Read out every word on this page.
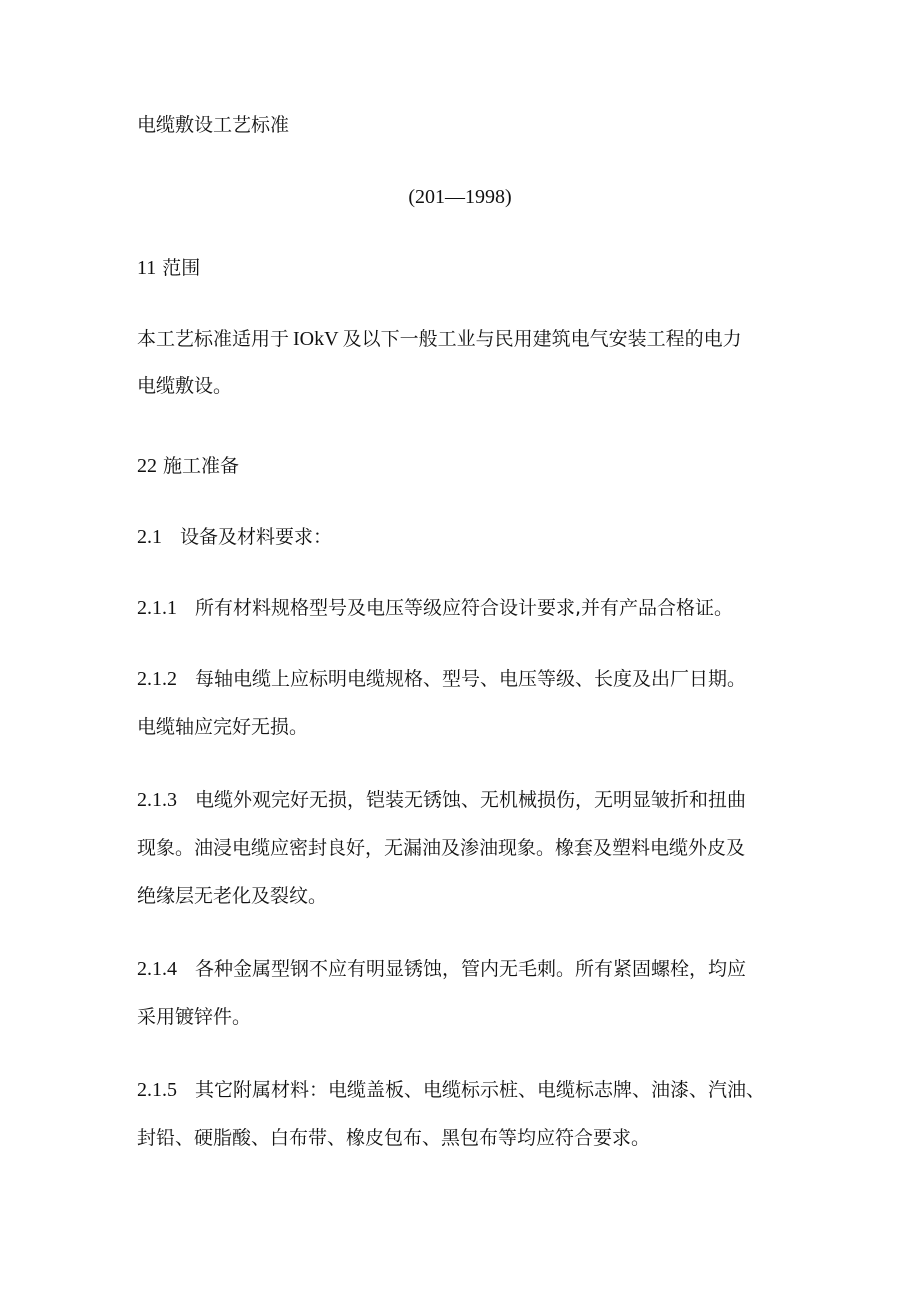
电缆敷设工艺标准
(201—1998)
11 范围
本工艺标准适用于 IOkV 及以下一般工业与民用建筑电气安装工程的电力
电缆敷设。
22 施工准备
2.1 设备及材料要求：
2.1.1 所有材料规格型号及电压等级应符合设计要求,并有产品合格证。
2.1.2 每轴电缆上应标明电缆规格、型号、电压等级、长度及出厂日期。
电缆轴应完好无损。
2.1.3 电缆外观完好无损，铠装无锈蚀、无机械损伤，无明显皱折和扭曲
现象。油浸电缆应密封良好，无漏油及渗油现象。橡套及塑料电缆外皮及
绝缘层无老化及裂纹。
2.1.4 各种金属型钢不应有明显锈蚀，管内无毛刺。所有紧固螺栓，均应
采用镀锌件。
2.1.5 其它附属材料：电缆盖板、电缆标示桩、电缆标志牌、油漆、汽油、
封铅、硬脂酸、白布带、橡皮包布、黑包布等均应符合要求。
